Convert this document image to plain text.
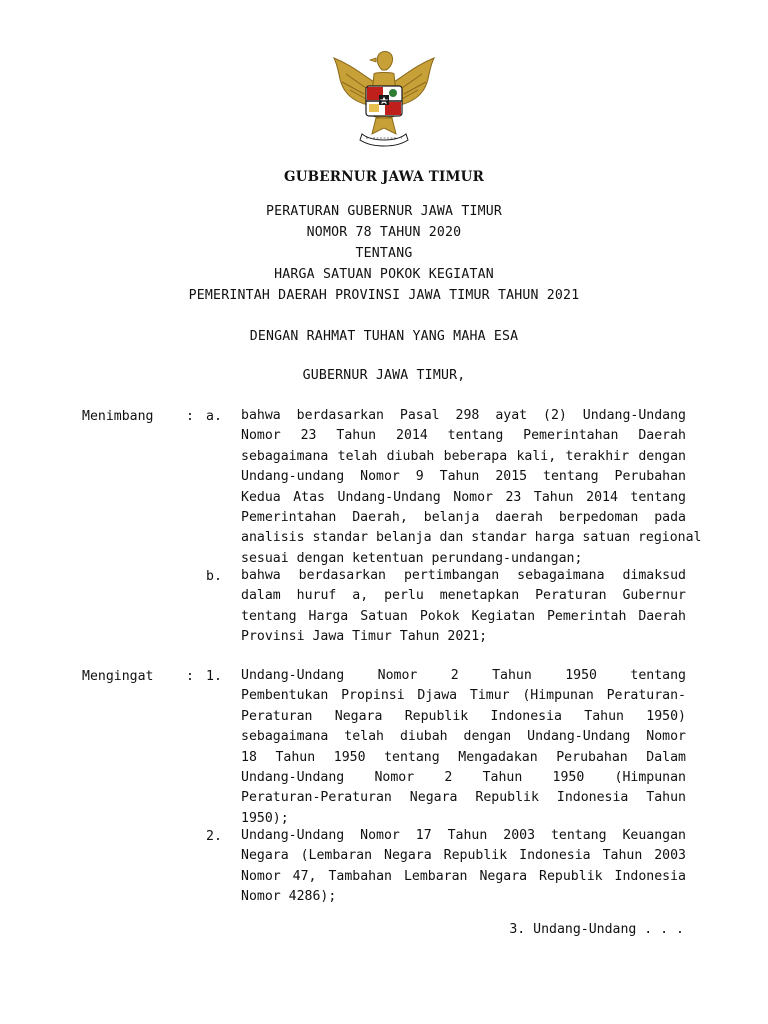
GUBERNUR JAWA TIMUR
PERATURAN GUBERNUR JAWA TIMUR
NOMOR 78 TAHUN 2020
TENTANG
HARGA SATUAN POKOK KEGIATAN
PEMERINTAH DAERAH PROVINSI JAWA TIMUR TAHUN 2021
DENGAN RAHMAT TUHAN YANG MAHA ESA
GUBERNUR JAWA TIMUR,
Menimbang : a. bahwa berdasarkan Pasal 298 ayat (2) Undang-Undang
Nomor 23 Tahun 2014 tentang Pemerintahan Daerah
sebagaimana telah diubah beberapa kali, terakhir dengan
Undang-undang Nomor 9 Tahun 2015 tentang Perubahan
Kedua Atas Undang-Undang Nomor 23 Tahun 2014 tentang
Pemerintahan Daerah, belanja daerah berpedoman pada
analisis standar belanja dan standar harga satuan regional
sesuai dengan ketentuan perundang-undangan;
b. bahwa berdasarkan pertimbangan sebagaimana dimaksud
dalam huruf a, perlu menetapkan Peraturan Gubernur
tentang Harga Satuan Pokok Kegiatan Pemerintah Daerah
Provinsi Jawa Timur Tahun 2021;
Mengingat : 1. Undang-Undang Nomor 2 Tahun 1950 tentang
Pembentukan Propinsi Djawa Timur (Himpunan Peraturan-
Peraturan Negara Republik Indonesia Tahun 1950)
sebagaimana telah diubah dengan Undang-Undang Nomor
18 Tahun 1950 tentang Mengadakan Perubahan Dalam
Undang-Undang Nomor 2 Tahun 1950 (Himpunan
Peraturan-Peraturan Negara Republik Indonesia Tahun
1950);
2. Undang-Undang Nomor 17 Tahun 2003 tentang Keuangan
Negara (Lembaran Negara Republik Indonesia Tahun 2003
Nomor 47, Tambahan Lembaran Negara Republik Indonesia
Nomor 4286);
3. Undang-Undang . . .
